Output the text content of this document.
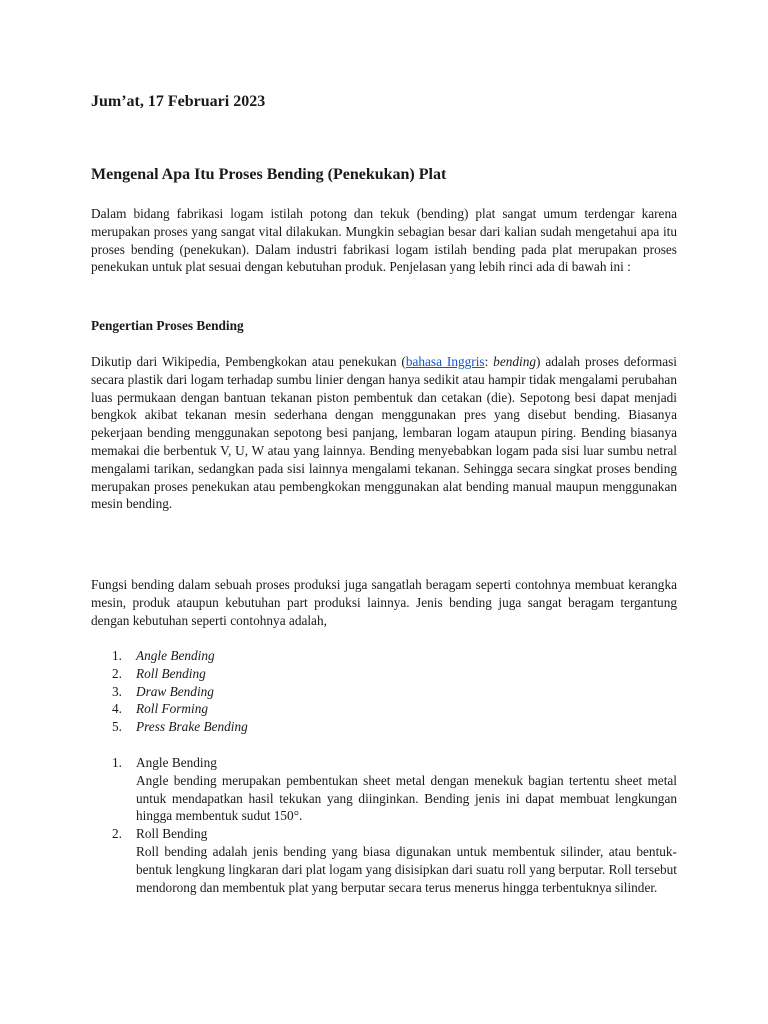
Jum’at, 17 Februari 2023

Mengenal Apa Itu Proses Bending (Penekukan) Plat

Dalam bidang fabrikasi logam istilah potong dan tekuk (bending) plat sangat umum terdengar karena merupakan proses yang sangat vital dilakukan. Mungkin sebagian besar dari kalian sudah mengetahui apa itu proses bending (penekukan). Dalam industri fabrikasi logam istilah bending pada plat merupakan proses penekukan untuk plat sesuai dengan kebutuhan produk. Penjelasan yang lebih rinci ada di bawah ini :

Pengertian Proses Bending

Dikutip dari Wikipedia, Pembengkokan atau penekukan (bahasa Inggris: bending) adalah proses deformasi secara plastik dari logam terhadap sumbu linier dengan hanya sedikit atau hampir tidak mengalami perubahan luas permukaan dengan bantuan tekanan piston pembentuk dan cetakan (die). Sepotong besi dapat menjadi bengkok akibat tekanan mesin sederhana dengan menggunakan pres yang disebut bending. Biasanya pekerjaan bending menggunakan sepotong besi panjang, lembaran logam ataupun piring. Bending biasanya memakai die berbentuk V, U, W atau yang lainnya. Bending menyebabkan logam pada sisi luar sumbu netral mengalami tarikan, sedangkan pada sisi lainnya mengalami tekanan. Sehingga secara singkat proses bending merupakan proses penekukan atau pembengkokan menggunakan alat bending manual maupun menggunakan mesin bending.

Fungsi bending dalam sebuah proses produksi juga sangatlah beragam seperti contohnya membuat kerangka mesin, produk ataupun kebutuhan part produksi lainnya. Jenis bending juga sangat beragam tergantung dengan kebutuhan seperti contohnya adalah,

1. Angle Bending
2. Roll Bending
3. Draw Bending
4. Roll Forming
5. Press Brake Bending
1. Angle Bending

Angle bending merupakan pembentukan sheet metal dengan menekuk bagian tertentu sheet metal untuk mendapatkan hasil tekukan yang diinginkan. Bending jenis ini dapat membuat lengkungan hingga membentuk sudut 150°.

2. Roll Bending

Roll bending adalah jenis bending yang biasa digunakan untuk membentuk silinder, atau bentuk-bentuk lengkung lingkaran dari plat logam yang disisipkan dari suatu roll yang berputar. Roll tersebut mendorong dan membentuk plat yang berputar secara terus menerus hingga terbentuknya silinder.
